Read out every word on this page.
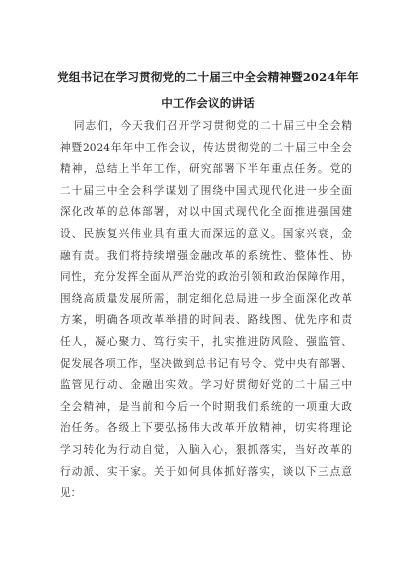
党组书记在学习贯彻党的二十届三中全会精神暨2024年年
中工作会议的讲话
同志们，今天我们召开学习贯彻党的二十届三中全会精
神暨2024年年中工作会议，传达贯彻党的二十届三中全会
精神，总结上半年工作，研究部署下半年重点任务。党的
二十届三中全会科学谋划了围绕中国式现代化进一步全面
深化改革的总体部署，对以中国式现代化全面推进强国建
设、民族复兴伟业具有重大而深远的意义。国家兴衰，金
融有责。我们将持续增强金融改革的系统性、整体性、协
同性，充分发挥全面从严治党的政治引领和政治保障作用，
围绕高质量发展所需，制定细化总局进一步全面深化改革
方案，明确各项改革举措的时间表、路线图、优先序和责
任人，凝心聚力、笃行实干，扎实推进防风险、强监管、
促发展各项工作，坚决做到总书记有号令、党中央有部署、
监管见行动、金融出实效。学习好贯彻好党的二十届三中
全会精神，是当前和今后一个时期我们系统的一项重大政
治任务。各级上下要弘扬伟大改革开放精神，切实将理论
学习转化为行动自觉，入脑入心，狠抓落实，当好改革的
行动派、实干家。关于如何具体抓好落实，谈以下三点意
见：
